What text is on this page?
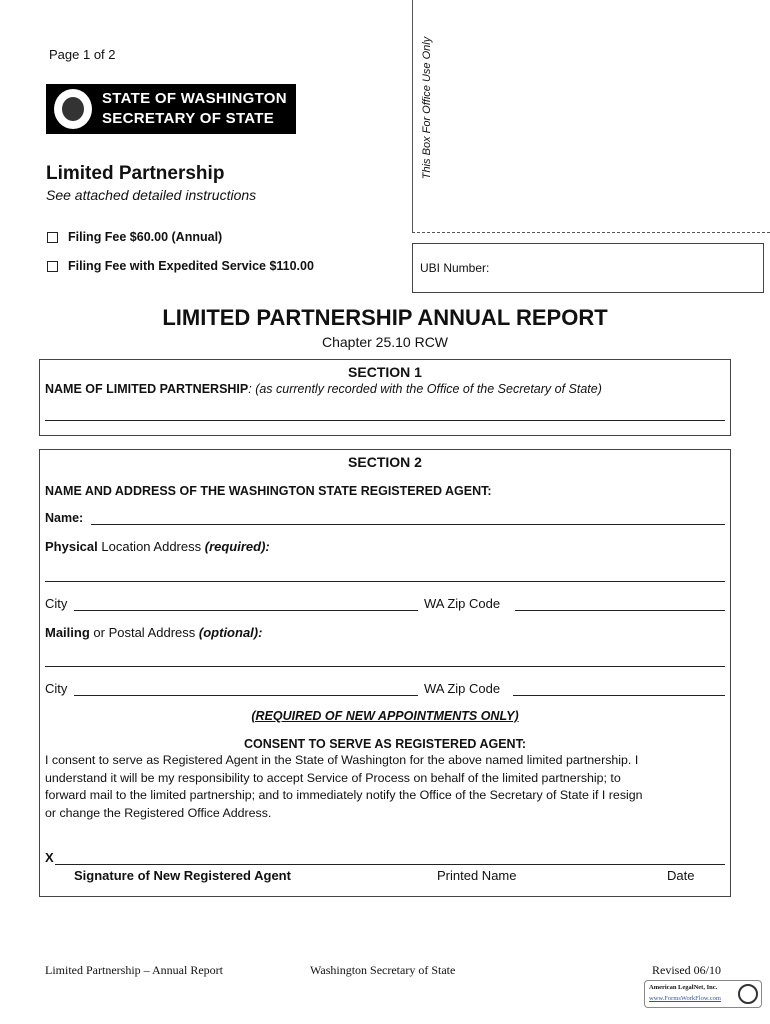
Page 1 of 2	This Box For Office Use Only
STATE OF WASHINGTON
SECRETARY OF STATE
Limited Partnership
See attached detailed instructions
Filing Fee $60.00 (Annual)
Filing Fee with Expedited Service $110.00	UBI Number:
LIMITED PARTNERSHIP ANNUAL REPORT
Chapter 25.10 RCW
SECTION 1
NAME OF LIMITED PARTNERSHIP: (as currently recorded with the Office of the Secretary of State)
SECTION 2
NAME AND ADDRESS OF THE WASHINGTON STATE REGISTERED AGENT:
Name:
Physical Location Address (required):
City	WA Zip Code
Mailing or Postal Address (optional):
City	WA Zip Code
(REQUIRED OF NEW APPOINTMENTS ONLY)
CONSENT TO SERVE AS REGISTERED AGENT:
I consent to serve as Registered Agent in the State of Washington for the above named limited partnership. I
understand it will be my responsibility to accept Service of Process on behalf of the limited partnership; to
forward mail to the limited partnership; and to immediately notify the Office of the Secretary of State if I resign
or change the Registered Office Address.
X
Signature of New Registered Agent	Printed Name	Date
Limited Partnership – Annual Report	Washington Secretary of State	Revised 06/10
American LegalNet, Inc.
www.FormsWorkFlow.com
